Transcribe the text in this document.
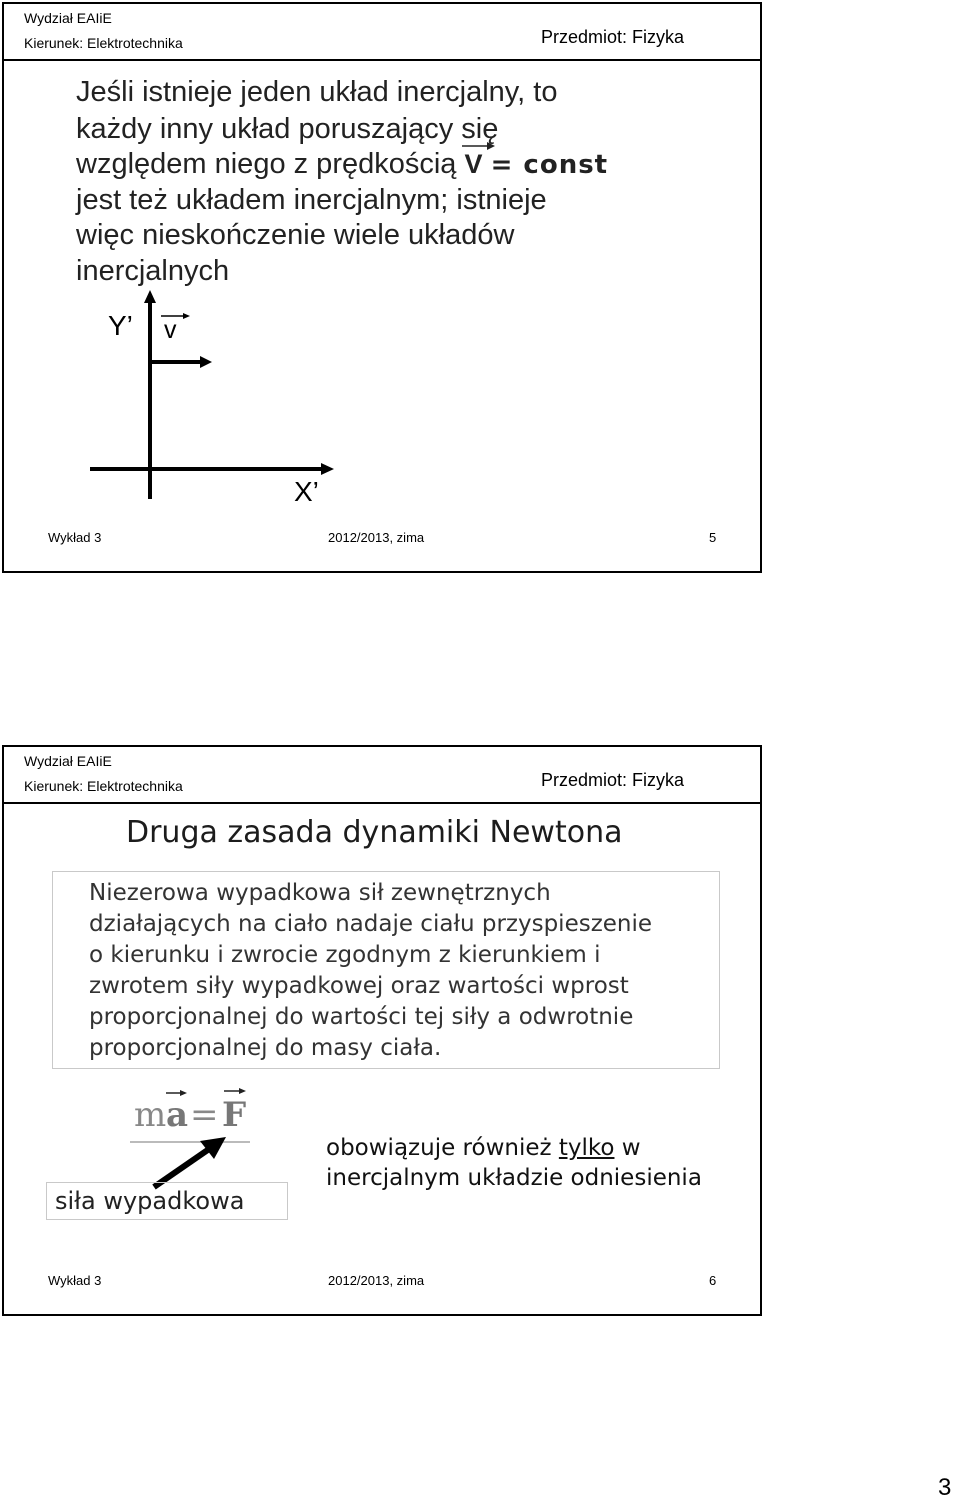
Wydział EAIiE
Kierunek: Elektrotechnika	Przedmiot: Fizyka
Jeśli istnieje jeden układ inercjalny, to
każdy inny układ poruszający się
względem niego z prędkością V = const
jest też układem inercjalnym; istnieje
więc nieskończenie wiele układów
inercjalnych
Y’ v
X’
Wykład 3	2012/2013, zima	5
Wydział EAIiE
Kierunek: Elektrotechnika	Przedmiot: Fizyka
Druga zasada dynamiki Newtona
Niezerowa wypadkowa sił zewnętrznych
działających na ciało nadaje ciału przyspieszenie
o kierunku i zwrocie zgodnym z kierunkiem i
zwrotem siły wypadkowej oraz wartości wprost
proporcjonalnej do wartości tej siły a odwrotnie
proporcjonalnej do masy ciała.
m a = F
siła wypadkowa
obowiązuje również tylko w
inercjalnym układzie odniesienia
Wykład 3	2012/2013, zima	6
3
